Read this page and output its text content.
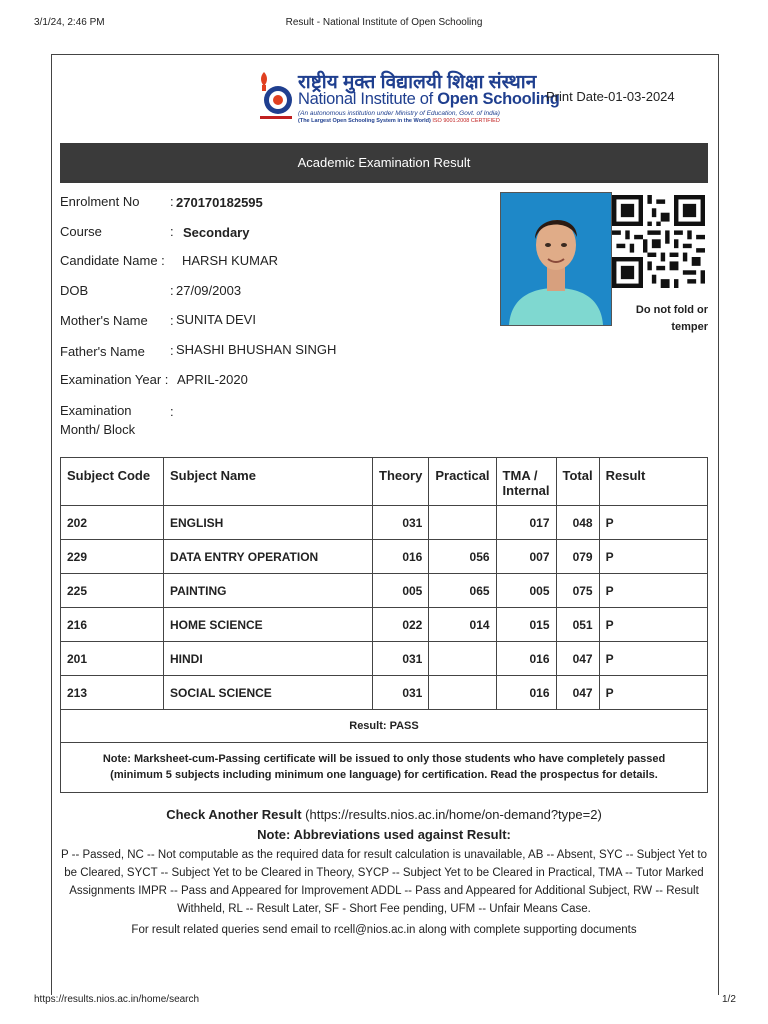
3/1/24, 2:46 PM	Result - National Institute of Open Schooling
राष्ट्रीय मुक्त विद्यालयी शिक्षा संस्थान
National Institute of Open Schooling
(An autonomous institution under Ministry of Education, Govt. of India)
(The Largest Open Schooling System in the World) ISO 9001:2008 CERTIFIED
Print Date-01-03-2024
Academic Examination Result
Enrolment No : 270170182595
Course	: Secondary
Candidate Name : HARSH KUMAR
DOB	: 27/09/2003
Mother's Name : SUNITA DEVI
Father's Name : SHASHI BHUSHAN SINGH
Examination Year : APRIL-2020
Examination
Month/ Block
:
Do not fold or
temper
Subject Code	Subject Name	Theory	Practical	TMA / Internal	Total	Result
202	ENGLISH	031		017	048	P
229	DATA ENTRY OPERATION	016	056	007	079	P
225	PAINTING	005	065	005	075	P
216	HOME SCIENCE	022	014	015	051	P
201	HINDI	031		016	047	P
213	SOCIAL SCIENCE	031		016	047	P
Result: PASS
Note: Marksheet-cum-Passing certificate will be issued to only those students who have completely passed (minimum 5 subjects including minimum one language) for certification. Read the prospectus for details.
Check Another Result (https://results.nios.ac.in/home/on-demand?type=2)
Note: Abbreviations used against Result:
P -- Passed, NC -- Not computable as the required data for result calculation is unavailable, AB -- Absent, SYC -- Subject Yet to be Cleared, SYCT -- Subject Yet to be Cleared in Theory, SYCP -- Subject Yet to be Cleared in Practical, TMA -- Tutor Marked Assignments IMPR -- Pass and Appeared for Improvement ADDL -- Pass and Appeared for Additional Subject, RW -- Result Withheld, RL -- Result Later, SF - Short Fee pending, UFM -- Unfair Means Case.
For result related queries send email to rcell@nios.ac.in along with complete supporting documents
https://results.nios.ac.in/home/search	1/2
